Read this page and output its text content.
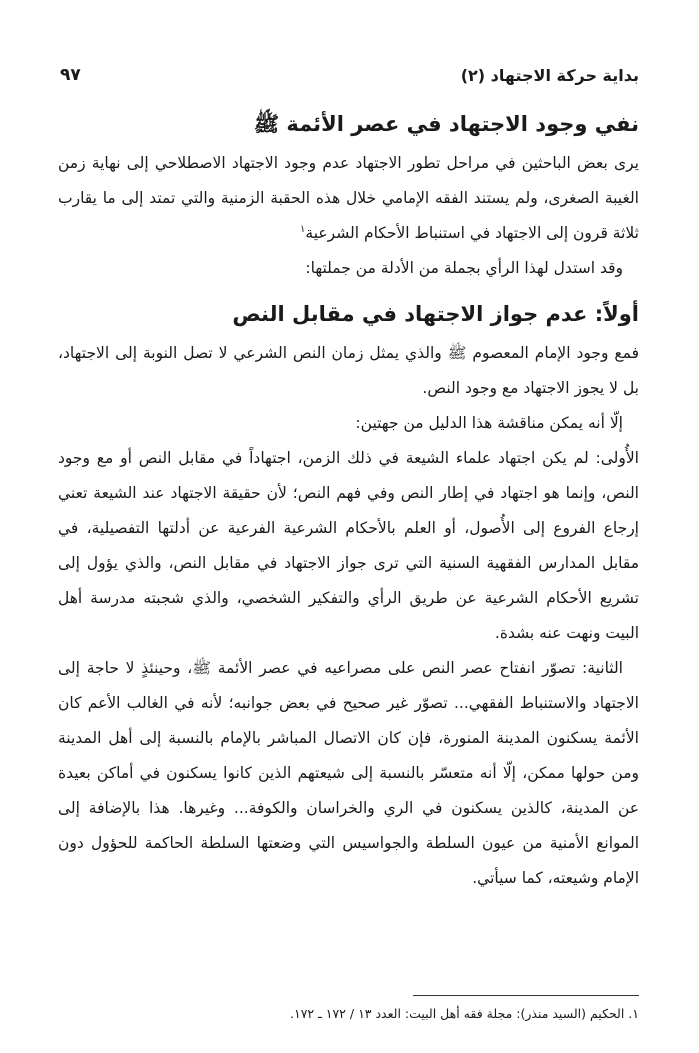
بداية حركة الاجتهاد (٢)
٩٧
نفي وجود الاجتهاد في عصر الأئمة ﷺ

يرى بعض الباحثين في مراحل تطور الاجتهاد عدم وجود الاجتهاد الاصطلاحي إلى نهاية زمن الغيبة الصغرى، ولم يستند الفقه الإمامي خلال هذه الحقبة الزمنية والتي تمتد إلى ما يقارب ثلاثة قرون إلى الاجتهاد في استنباط الأحكام الشرعية$^١$

وقد استدل لهذا الرأي بجملة من الأدلة من جملتها:

أولاً: عدم جواز الاجتهاد في مقابل النص

فمع وجود الإمام المعصوم ﷺ والذي يمثل زمان النص الشرعي لا تصل النوبة إلى الاجتهاد، بل لا يجوز الاجتهاد مع وجود النص.

إلّا أنه يمكن مناقشة هذا الدليل من جهتين:

الأُولى: لم يكن اجتهاد علماء الشيعة في ذلك الزمن، اجتهاداً في مقابل النص أو مع وجود النص، وإنما هو اجتهاد في إطار النص وفي فهم النص؛ لأن حقيقة الاجتهاد عند الشيعة تعني إرجاع الفروع إلى الأُصول، أو العلم بالأحكام الشرعية الفرعية عن أدلتها التفصيلية، في مقابل المدارس الفقهية السنية التي ترى جواز الاجتهاد في مقابل النص، والذي يؤول إلى تشريع الأحكام الشرعية عن طريق الرأي والتفكير الشخصي، والذي شجبته مدرسة أهل البيت ونهت عنه بشدة.

الثانية: تصوّر انفتاح عصر النص على مصراعيه في عصر الأئمة ﷺ، وحينئذٍ لا حاجة إلى الاجتهاد والاستنباط الفقهي... تصوّر غير صحيح في بعض جوانبه؛ لأنه في الغالب الأعم كان الأئمة يسكنون المدينة المنورة، فإن كان الاتصال المباشر بالإمام بالنسبة إلى أهل المدينة ومن حولها ممكن، إلّا أنه متعسّر بالنسبة إلى شيعتهم الذين كانوا يسكنون في أماكن بعيدة عن المدينة، كالذين يسكنون في الري والخراسان والكوفة... وغيرها. هذا بالإضافة إلى الموانع الأمنية من عيون السلطة والجواسيس التي وضعتها السلطة الحاكمة للحؤول دون الإمام وشيعته، كما سيأتي.

١. الحكيم (السيد منذر): مجلة فقه أهل البيت: العدد ١٣ / ١٧٢ ـ ١٧٢.
